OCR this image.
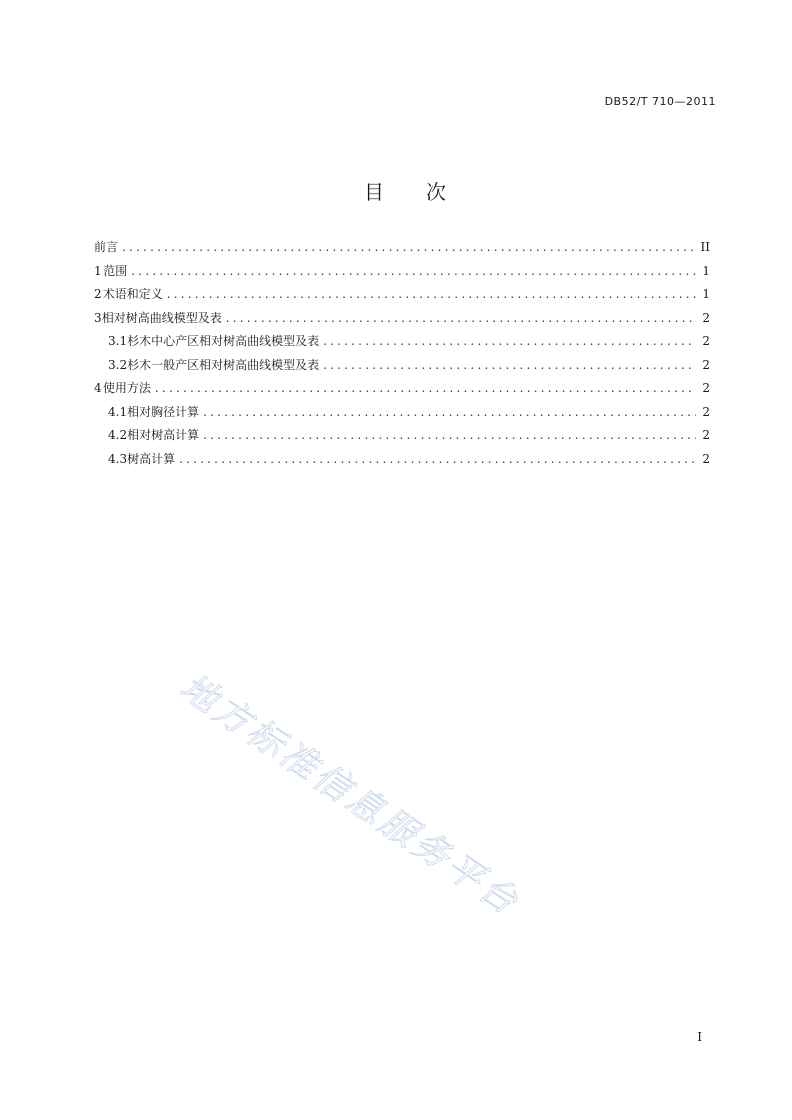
DB52/T 710—2011
目 次
前言 .....	II
1 范围 .....	1
2 术语和定义 .....	1
3 相对树高曲线模型及表 .....	2
3.1 杉木中心产区相对树高曲线模型及表 .....	2
3.2 杉木一般产区相对树高曲线模型及表 .....	2
4 使用方法 .....	2
4.1 相对胸径计算 .....	2
4.2 相对树高计算 .....	2
4.3 树高计算 .....	2
地方标准信息服务平台
I
